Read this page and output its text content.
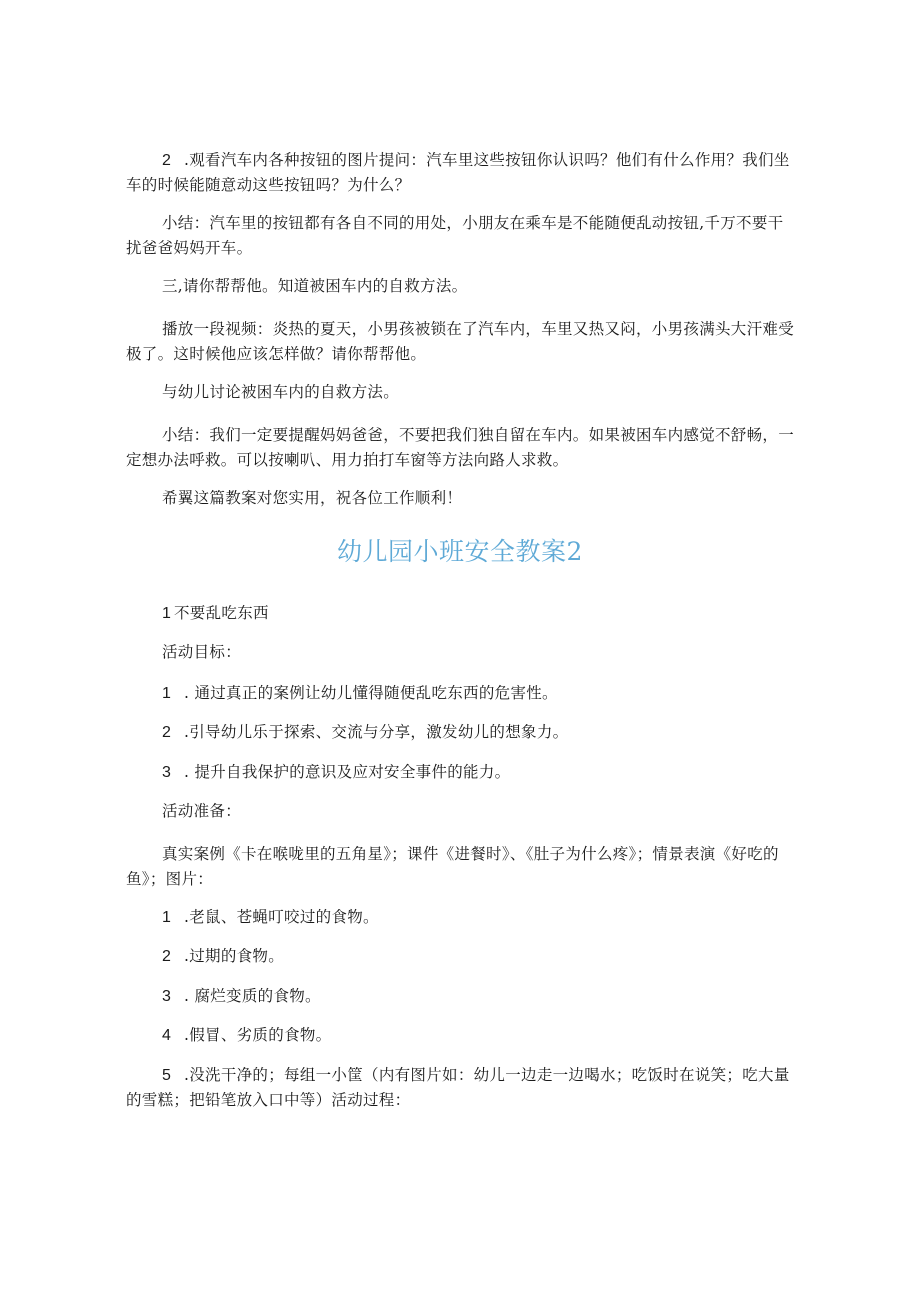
2 .观看汽车内各种按钮的图片提问：汽车里这些按钮你认识吗？他们有什么作用？我们坐车的时候能随意动这些按钮吗？为什么？

小结：汽车里的按钮都有各自不同的用处，小朋友在乘车是不能随便乱动按钮,千万不要干扰爸爸妈妈开车。

三,请你帮帮他。知道被困车内的自救方法。

播放一段视频：炎热的夏天，小男孩被锁在了汽车内，车里又热又闷，小男孩满头大汗难受极了。这时候他应该怎样做？请你帮帮他。

与幼儿讨论被困车内的自救方法。

小结：我们一定要提醒妈妈爸爸，不要把我们独自留在车内。如果被困车内感觉不舒畅，一定想办法呼救。可以按喇叭、用力拍打车窗等方法向路人求救。

希翼这篇教案对您实用，祝各位工作顺利！

幼儿园小班安全教案2

1 不要乱吃东西

活动目标：

1 . 通过真正的案例让幼儿懂得随便乱吃东西的危害性。

2 .引导幼儿乐于探索、交流与分享，激发幼儿的想象力。

3 . 提升自我保护的意识及应对安全事件的能力。

活动准备：

真实案例《卡在喉咙里的五角星》；课件《进餐时》、《肚子为什么疼》；情景表演《好吃的鱼》；图片：

1 .老鼠、苍蝇叮咬过的食物。

2 .过期的食物。

3 . 腐烂变质的食物。

4 .假冒、劣质的食物。

5 .没洗干净的；每组一小筐（内有图片如：幼儿一边走一边喝水；吃饭时在说笑；吃大量的雪糕；把铅笔放入口中等）活动过程：
